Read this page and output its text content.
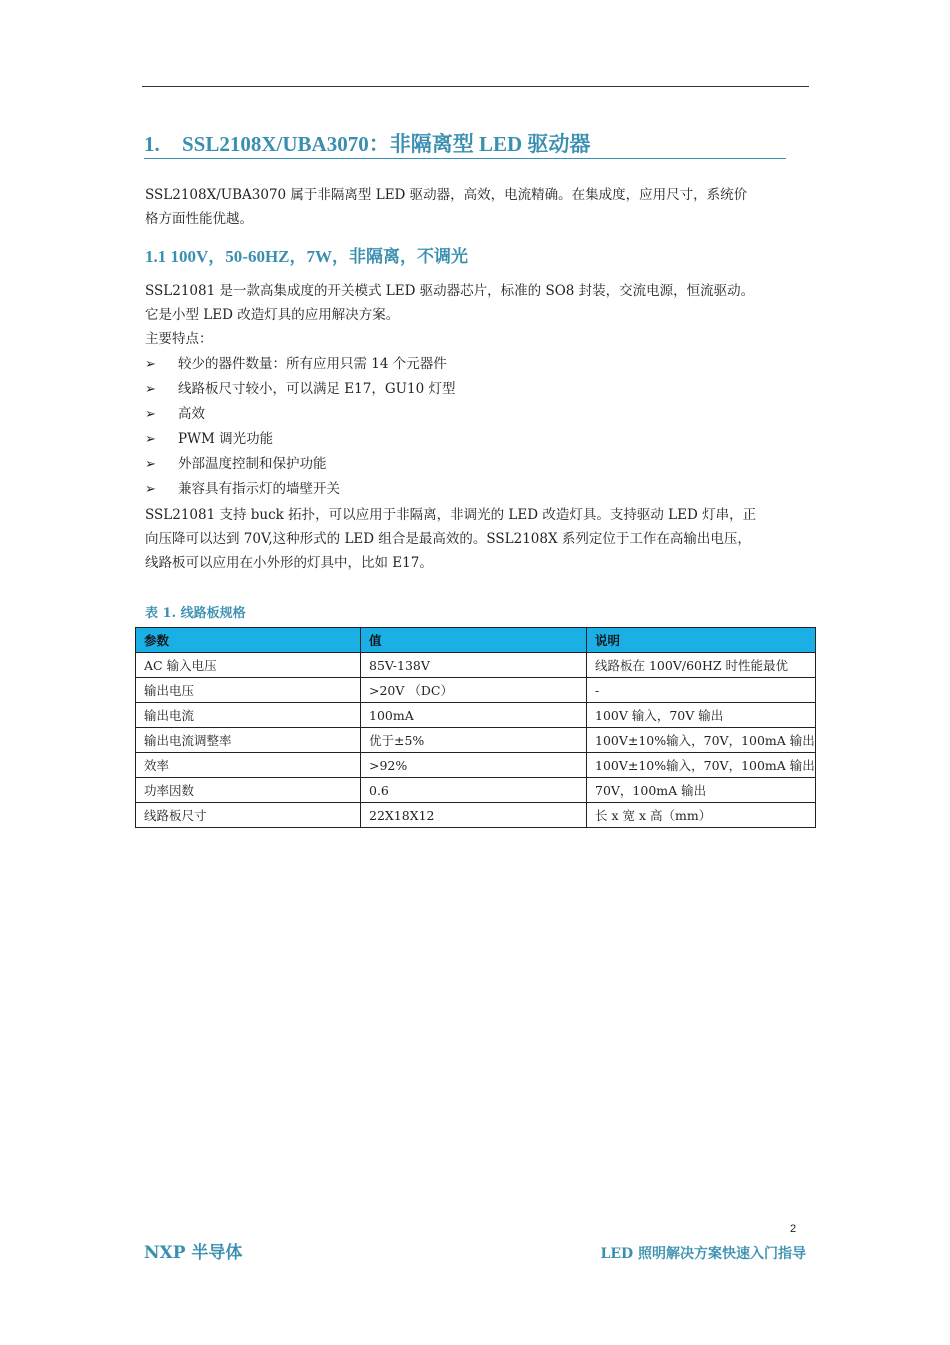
1. SSL2108X/UBA3070：非隔离型 LED 驱动器
SSL2108X/UBA3070 属于非隔离型 LED 驱动器，高效，电流精确。在集成度，应用尺寸，系统价
格方面性能优越。
1.1 100V，50-60HZ，7W，非隔离，不调光
SSL21081 是一款高集成度的开关模式 LED 驱动器芯片，标准的 SO8 封装，交流电源，恒流驱动。
它是小型 LED 改造灯具的应用解决方案。
主要特点：
➢ 较少的器件数量：所有应用只需 14 个元器件
➢ 线路板尺寸较小，可以满足 E17，GU10 灯型
➢ 高效
➢ PWM 调光功能
➢ 外部温度控制和保护功能
➢ 兼容具有指示灯的墙壁开关
SSL21081 支持 buck 拓扑，可以应用于非隔离，非调光的 LED 改造灯具。支持驱动 LED 灯串，正
向压降可以达到 70V,这种形式的 LED 组合是最高效的。SSL2108X 系列定位于工作在高输出电压，
线路板可以应用在小外形的灯具中，比如 E17。
表 1. 线路板规格
参数	值	说明
AC 输入电压	85V-138V	线路板在 100V/60HZ 时性能最优
输出电压	>20V （DC）	-
输出电流	100mA	100V 输入，70V 输出
输出电流调整率	优于±5%	100V±10%输入，70V，100mA 输出
效率	>92%	100V±10%输入，70V，100mA 输出
功率因数	0.6	70V，100mA 输出
线路板尺寸	22X18X12	长 x 宽 x 高（mm）
2
NXP 半导体	LED 照明解决方案快速入门指导
